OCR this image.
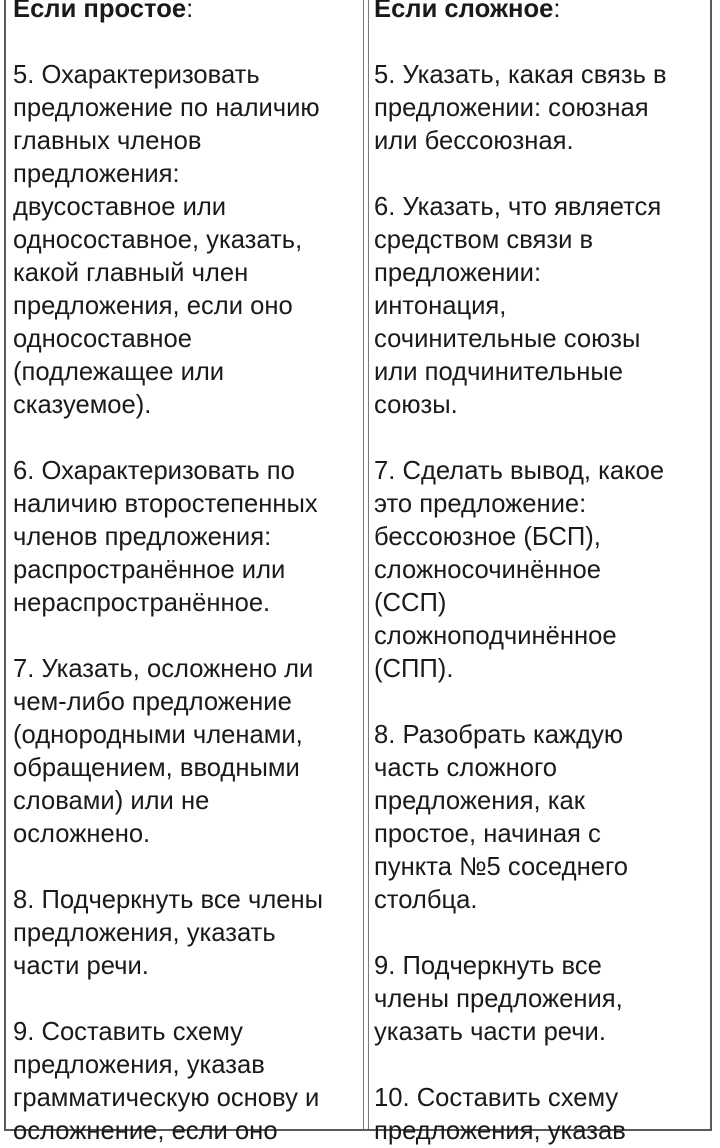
Если простое:

5. Охарактеризовать
предложение по наличию
главных членов
предложения:
двусоставное или
односоставное, указать,
какой главный член
предложения, если оно
односоставное
(подлежащее или
сказуемое).

6. Охарактеризовать по
наличию второстепенных
членов предложения:
распространённое или
нераспространённое.

7. Указать, осложнено ли
чем-либо предложение
(однородными членами,
обращением, вводными
словами) или не
осложнено.

8. Подчеркнуть все члены
предложения, указать
части речи.

9. Составить схему
предложения, указав
грамматическую основу и
осложнение, если оно

Если сложное:

5. Указать, какая связь в
предложении: союзная
или бессоюзная.

6. Указать, что является
средством связи в
предложении:
интонация,
сочинительные союзы
или подчинительные
союзы.

7. Сделать вывод, какое
это предложение:
бессоюзное (БСП),
сложносочинённое
(ССП)
сложноподчинённое
(СПП).

8. Разобрать каждую
часть сложного
предложения, как
простое, начиная с
пункта №5 соседнего
столбца.

9. Подчеркнуть все
члены предложения,
указать части речи.

10. Составить схему
предложения, указав
